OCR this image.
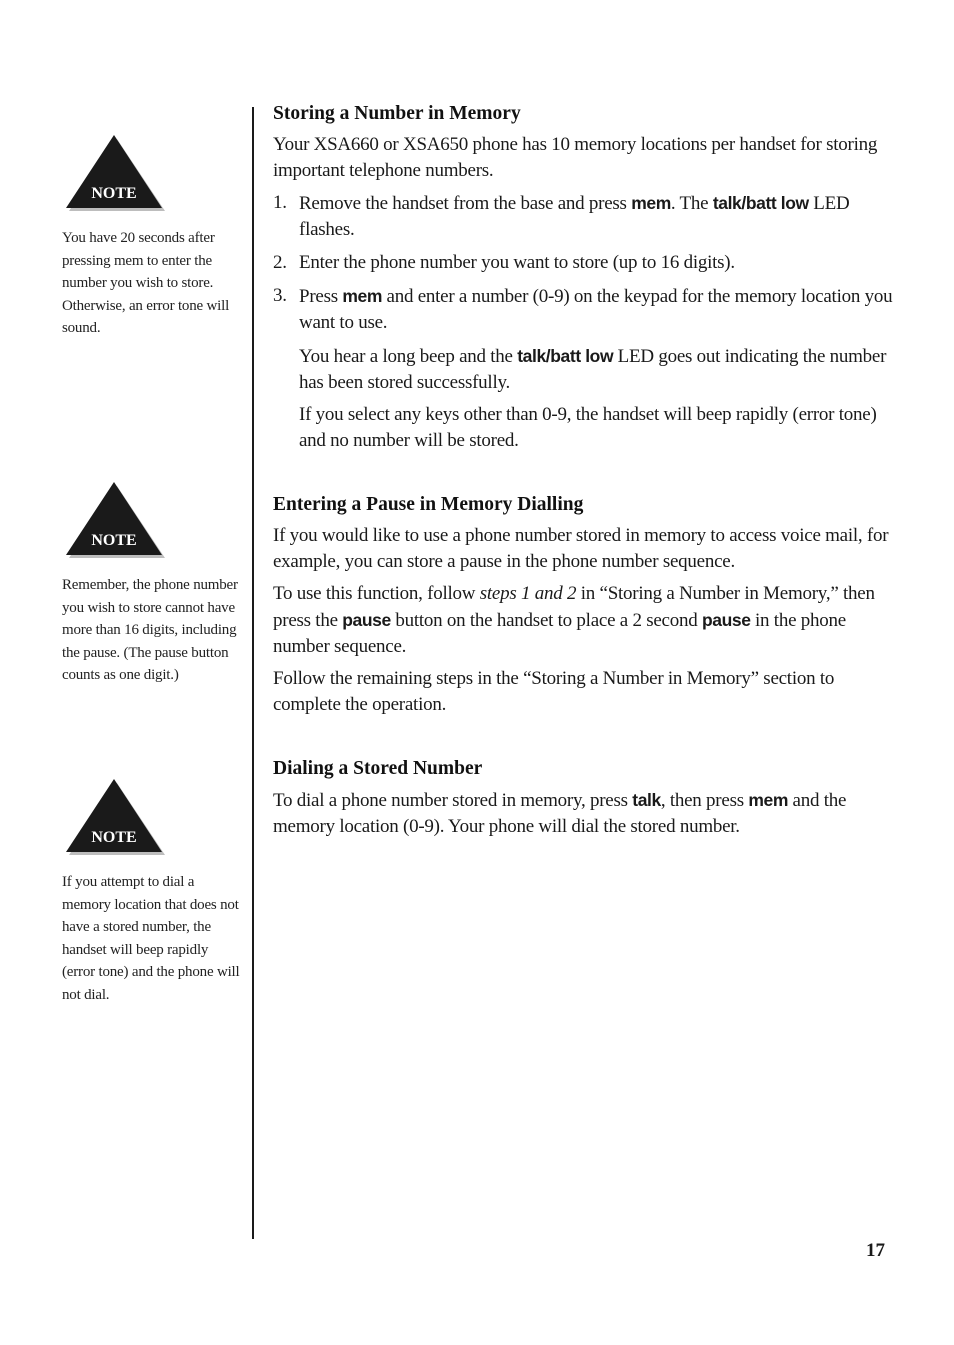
NOTE
You have 20 seconds after pressing mem to enter the number you wish to store. Otherwise, an error tone will sound.
NOTE
Remember, the phone number you wish to store cannot have more than 16 digits, including the pause. (The pause button counts as one digit.)
NOTE
If you attempt to dial a memory location that does not have a stored number, the handset will beep rapidly (error tone) and the phone will not dial.
Storing a Number in Memory

Your XSA660 or XSA650 phone has 10 memory locations per handset for storing important telephone numbers.

1. Remove the handset from the base and press mem. The talk/batt low LED flashes.
2. Enter the phone number you want to store (up to 16 digits).
3. Press mem and enter a number (0-9) on the keypad for the memory location you want to use.

You hear a long beep and the talk/batt low LED goes out indicating the number has been stored successfully.

If you select any keys other than 0-9, the handset will beep rapidly (error tone) and no number will be stored.

Entering a Pause in Memory Dialling

If you would like to use a phone number stored in memory to access voice mail, for example, you can store a pause in the phone number sequence.

To use this function, follow steps 1 and 2 in “Storing a Number in Memory,” then press the pause button on the handset to place a 2 second pause in the phone number sequence.

Follow the remaining steps in the “Storing a Number in Memory” section to complete the operation.

Dialing a Stored Number

To dial a phone number stored in memory, press talk, then press mem and the memory location (0-9). Your phone will dial the stored number.

17
